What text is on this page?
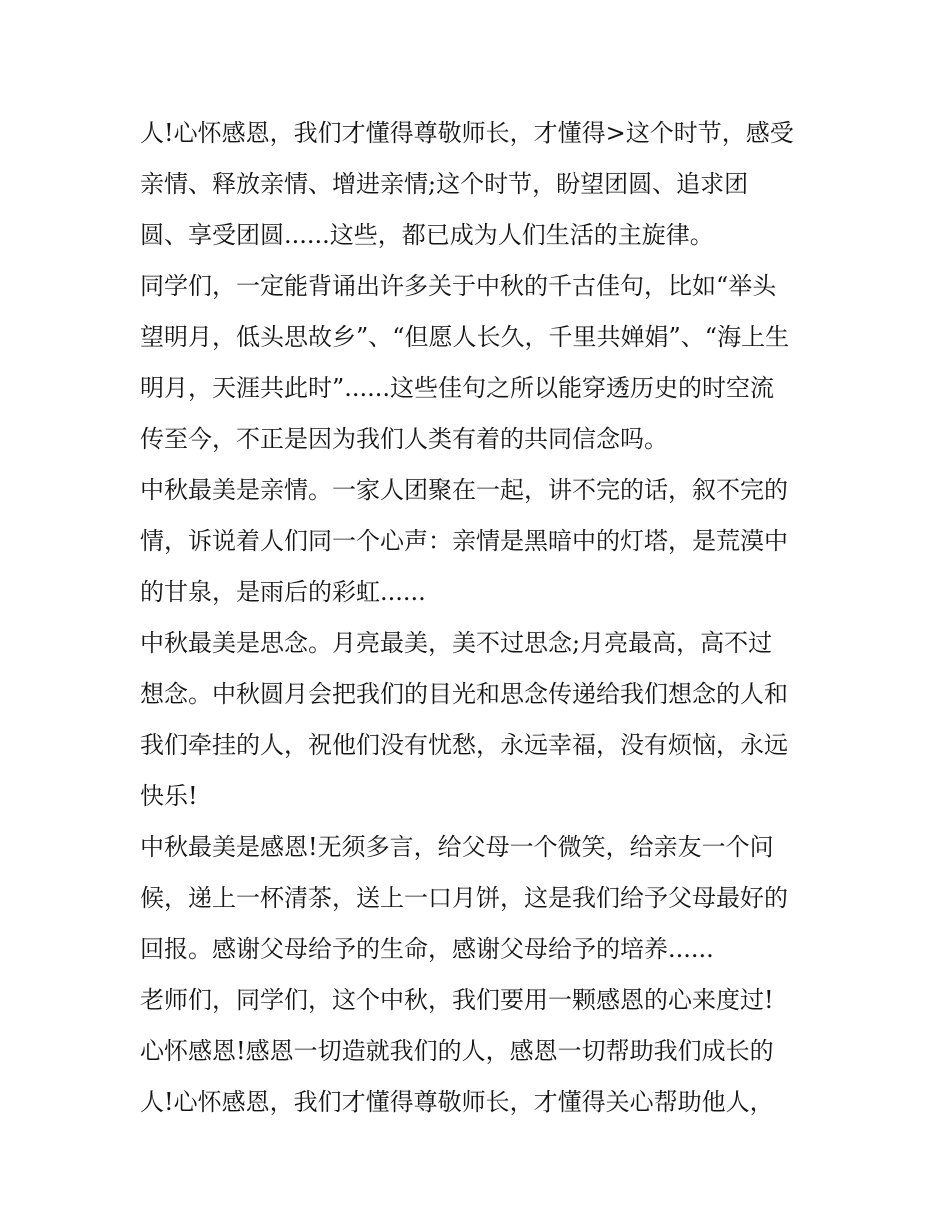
人!心怀感恩，我们才懂得尊敬师长，才懂得>这个时节，感受
亲情、释放亲情、增进亲情;这个时节，盼望团圆、追求团
圆、享受团圆......这些，都已成为人们生活的主旋律。
同学们，一定能背诵出许多关于中秋的千古佳句，比如“举头
望明月，低头思故乡”、“但愿人长久，千里共婵娟”、“海上生
明月，天涯共此时”......这些佳句之所以能穿透历史的时空流
传至今，不正是因为我们人类有着的共同信念吗。
中秋最美是亲情。一家人团聚在一起，讲不完的话，叙不完的
情，诉说着人们同一个心声：亲情是黑暗中的灯塔，是荒漠中
的甘泉，是雨后的彩虹......
中秋最美是思念。月亮最美，美不过思念;月亮最高，高不过
想念。中秋圆月会把我们的目光和思念传递给我们想念的人和
我们牵挂的人，祝他们没有忧愁，永远幸福，没有烦恼，永远
快乐!
中秋最美是感恩!无须多言，给父母一个微笑，给亲友一个问
候，递上一杯清茶，送上一口月饼，这是我们给予父母最好的
回报。感谢父母给予的生命，感谢父母给予的培养......
老师们，同学们，这个中秋，我们要用一颗感恩的心来度过!
心怀感恩!感恩一切造就我们的人，感恩一切帮助我们成长的
人!心怀感恩，我们才懂得尊敬师长，才懂得关心帮助他人，
